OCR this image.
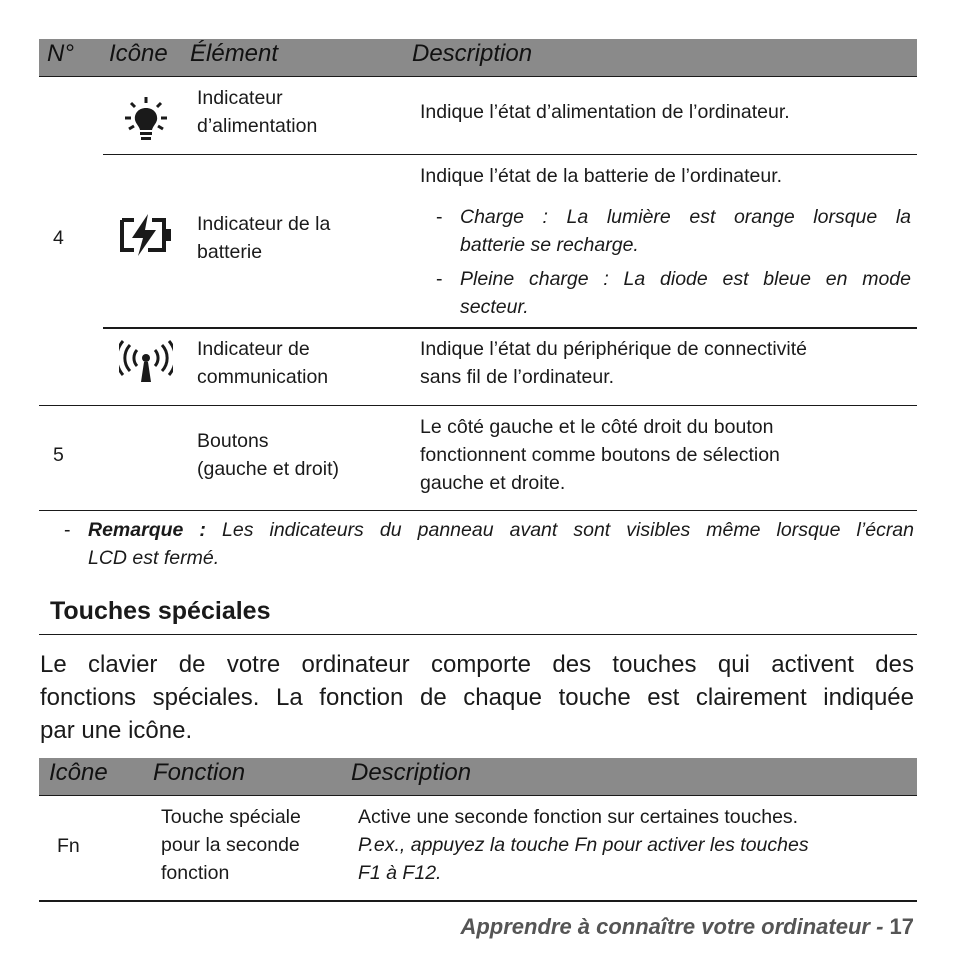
N° Icône Élément	Description
4
Indicateur
d’alimentation
Indique l’état d’alimentation de l’ordinateur.
Indicateur de la
batterie
Indique l’état de la batterie de l’ordinateur.
- Charge : La lumière est orange lorsque la
batterie se recharge.
- Pleine charge : La diode est bleue en mode
secteur.
Indicateur de
communication
Indique l’état du périphérique de connectivité
sans fil de l’ordinateur.
5
Boutons
(gauche et droit)
Le côté gauche et le côté droit du bouton
fonctionnent comme boutons de sélection
gauche et droite.
- Remarque : Les indicateurs du panneau avant sont visibles même lorsque l’écran
LCD est fermé.
Touches spéciales
Le clavier de votre ordinateur comporte des touches qui activent des
fonctions spéciales. La fonction de chaque touche est clairement indiquée
par une icône.
Icône Fonction	Description
Fn
Touche spéciale
pour la seconde
fonction
Active une seconde fonction sur certaines touches.
P.ex., appuyez la touche Fn pour activer les touches
F1 à F12.
Apprendre à connaître votre ordinateur - 17
